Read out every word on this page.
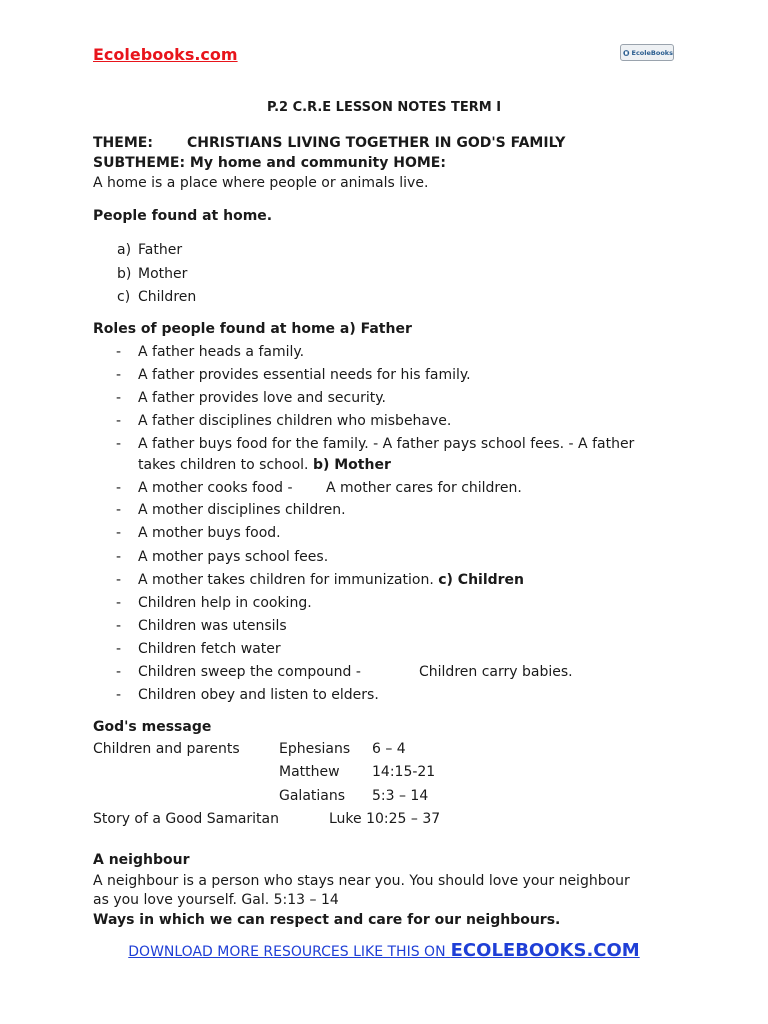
Ecolebooks.com	EcoleBooks
P.2 C.R.E LESSON NOTES TERM I
THEME: CHRISTIANS LIVING TOGETHER IN GOD'S FAMILY
SUBTHEME: My home and community HOME:
A home is a place where people or animals live.
People found at home.
a) Father
b) Mother
c) Children
Roles of people found at home a) Father
- A father heads a family.
- A father provides essential needs for his family.
- A father provides love and security.
- A father disciplines children who misbehave.
- A father buys food for the family. - A father pays school fees. - A father
takes children to school. b) Mother
- A mother cooks food - A mother cares for children.
- A mother disciplines children.
- A mother buys food.
- A mother pays school fees.
- A mother takes children for immunization. c) Children
- Children help in cooking.
- Children was utensils
- Children fetch water
- Children sweep the compound -	Children carry babies.
- Children obey and listen to elders.
God's message
Children and parents	Ephesians 6 – 4
Matthew 14:15-21
Galatians 5:3 – 14
Story of a Good Samaritan	Luke 10:25 – 37
A neighbour
A neighbour is a person who stays near you. You should love your neighbour
as you love yourself. Gal. 5:13 – 14
Ways in which we can respect and care for our neighbours.
DOWNLOAD MORE RESOURCES LIKE THIS ON ECOLEBOOKS.COM
